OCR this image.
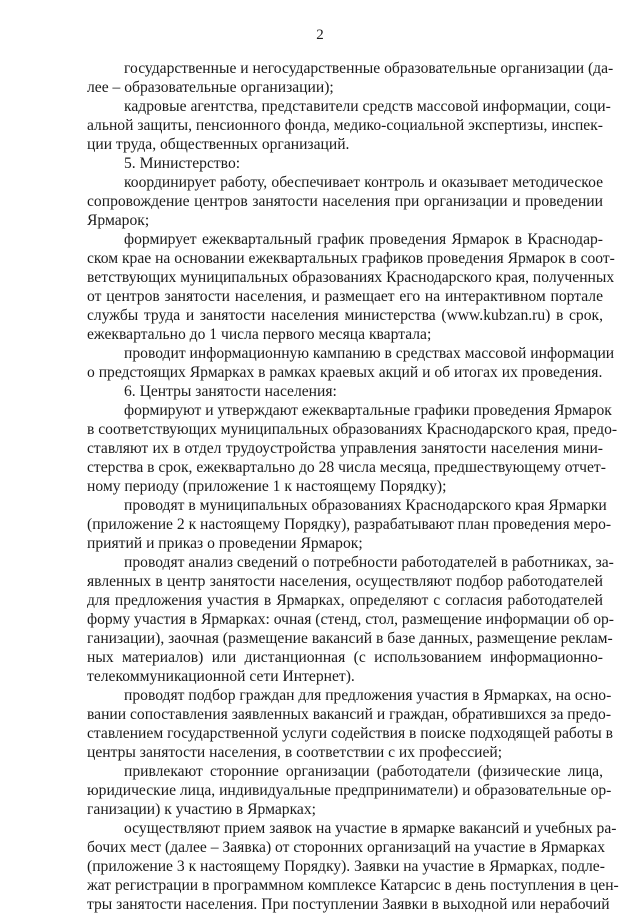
2
государственные и негосударственные образовательные организации (да-
лее – образовательные организации);
кадровые агентства, представители средств массовой информации, соци-
альной защиты, пенсионного фонда, медико-социальной экспертизы, инспек-
ции труда, общественных организаций.
5. Министерство:
координирует работу, обеспечивает контроль и оказывает методическое
сопровождение центров занятости населения при организации и проведении
Ярмарок;
формирует ежеквартальный график проведения Ярмарок в Краснодар-
ском крае на основании ежеквартальных графиков проведения Ярмарок в соот-
ветствующих муниципальных образованиях Краснодарского края, полученных
от центров занятости населения, и размещает его на интерактивном портале
службы труда и занятости населения министерства (www.kubzan.ru) в срок,
ежеквартально до 1 числа первого месяца квартала;
проводит информационную кампанию в средствах массовой информации
о предстоящих Ярмарках в рамках краевых акций и об итогах их проведения.
6. Центры занятости населения:
формируют и утверждают ежеквартальные графики проведения Ярмарок
в соответствующих муниципальных образованиях Краснодарского края, предо-
ставляют их в отдел трудоустройства управления занятости населения мини-
стерства в срок, ежеквартально до 28 числа месяца, предшествующему отчет-
ному периоду (приложение 1 к настоящему Порядку);
проводят в муниципальных образованиях Краснодарского края Ярмарки
(приложение 2 к настоящему Порядку), разрабатывают план проведения меро-
приятий и приказ о проведении Ярмарок;
проводят анализ сведений о потребности работодателей в работниках, за-
явленных в центр занятости населения, осуществляют подбор работодателей
для предложения участия в Ярмарках, определяют с согласия работодателей
форму участия в Ярмарках: очная (стенд, стол, размещение информации об ор-
ганизации), заочная (размещение вакансий в базе данных, размещение реклам-
ных материалов) или дистанционная (с использованием информационно-
телекоммуникационной сети Интернет).
проводят подбор граждан для предложения участия в Ярмарках, на осно-
вании сопоставления заявленных вакансий и граждан, обратившихся за предо-
ставлением государственной услуги содействия в поиске подходящей работы в
центры занятости населения, в соответствии с их профессией;
привлекают сторонние организации (работодатели (физические лица,
юридические лица, индивидуальные предприниматели) и образовательные ор-
ганизации) к участию в Ярмарках;
осуществляют прием заявок на участие в ярмарке вакансий и учебных ра-
бочих мест (далее – Заявка) от сторонних организаций на участие в Ярмарках
(приложение 3 к настоящему Порядку). Заявки на участие в Ярмарках, подле-
жат регистрации в программном комплексе Катарсис в день поступления в цен-
тры занятости населения. При поступлении Заявки в выходной или нерабочий
